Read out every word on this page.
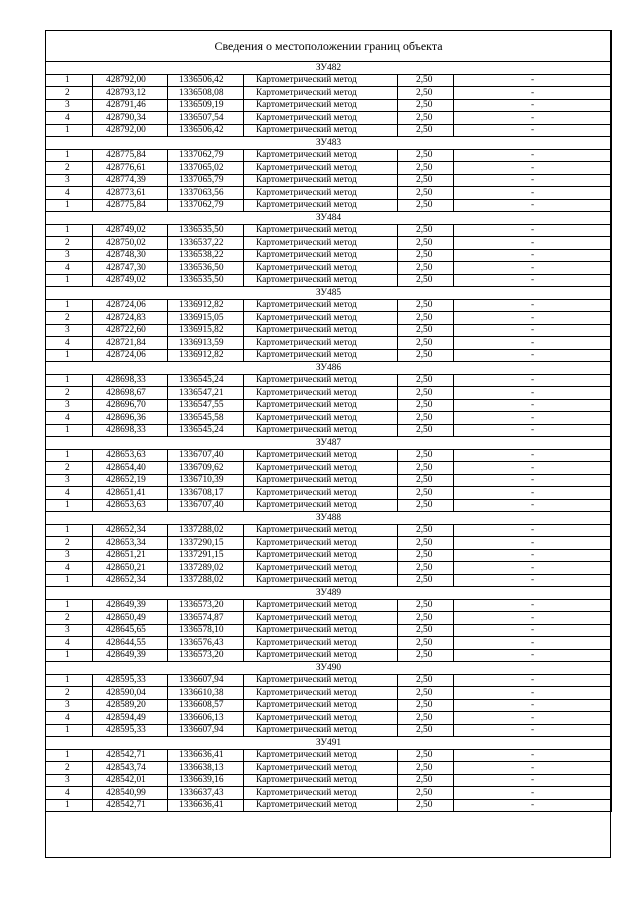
Сведения о местоположении границ объекта					
ЗУ482					
1	428792,00	1336506,42	Картометрический метод	2,50	-
2	428793,12	1336508,08	Картометрический метод	2,50	-
3	428791,46	1336509,19	Картометрический метод	2,50	-
4	428790,34	1336507,54	Картометрический метод	2,50	-
1	428792,00	1336506,42	Картометрический метод	2,50	-
ЗУ483					
1	428775,84	1337062,79	Картометрический метод	2,50	-
2	428776,61	1337065,02	Картометрический метод	2,50	-
3	428774,39	1337065,79	Картометрический метод	2,50	-
4	428773,61	1337063,56	Картометрический метод	2,50	-
1	428775,84	1337062,79	Картометрический метод	2,50	-
ЗУ484					
1	428749,02	1336535,50	Картометрический метод	2,50	-
2	428750,02	1336537,22	Картометрический метод	2,50	-
3	428748,30	1336538,22	Картометрический метод	2,50	-
4	428747,30	1336536,50	Картометрический метод	2,50	-
1	428749,02	1336535,50	Картометрический метод	2,50	-
ЗУ485					
1	428724,06	1336912,82	Картометрический метод	2,50	-
2	428724,83	1336915,05	Картометрический метод	2,50	-
3	428722,60	1336915,82	Картометрический метод	2,50	-
4	428721,84	1336913,59	Картометрический метод	2,50	-
1	428724,06	1336912,82	Картометрический метод	2,50	-
ЗУ486					
1	428698,33	1336545,24	Картометрический метод	2,50	-
2	428698,67	1336547,21	Картометрический метод	2,50	-
3	428696,70	1336547,55	Картометрический метод	2,50	-
4	428696,36	1336545,58	Картометрический метод	2,50	-
1	428698,33	1336545,24	Картометрический метод	2,50	-
ЗУ487					
1	428653,63	1336707,40	Картометрический метод	2,50	-
2	428654,40	1336709,62	Картометрический метод	2,50	-
3	428652,19	1336710,39	Картометрический метод	2,50	-
4	428651,41	1336708,17	Картометрический метод	2,50	-
1	428653,63	1336707,40	Картометрический метод	2,50	-
ЗУ488					
1	428652,34	1337288,02	Картометрический метод	2,50	-
2	428653,34	1337290,15	Картометрический метод	2,50	-
3	428651,21	1337291,15	Картометрический метод	2,50	-
4	428650,21	1337289,02	Картометрический метод	2,50	-
1	428652,34	1337288,02	Картометрический метод	2,50	-
ЗУ489					
1	428649,39	1336573,20	Картометрический метод	2,50	-
2	428650,49	1336574,87	Картометрический метод	2,50	-
3	428645,65	1336578,10	Картометрический метод	2,50	-
4	428644,55	1336576,43	Картометрический метод	2,50	-
1	428649,39	1336573,20	Картометрический метод	2,50	-
ЗУ490					
1	428595,33	1336607,94	Картометрический метод	2,50	-
2	428590,04	1336610,38	Картометрический метод	2,50	-
3	428589,20	1336608,57	Картометрический метод	2,50	-
4	428594,49	1336606,13	Картометрический метод	2,50	-
1	428595,33	1336607,94	Картометрический метод	2,50	-
ЗУ491					
1	428542,71	1336636,41	Картометрический метод	2,50	-
2	428543,74	1336638,13	Картометрический метод	2,50	-
3	428542,01	1336639,16	Картометрический метод	2,50	-
4	428540,99	1336637,43	Картометрический метод	2,50	-
1	428542,71	1336636,41	Картометрический метод	2,50	-
